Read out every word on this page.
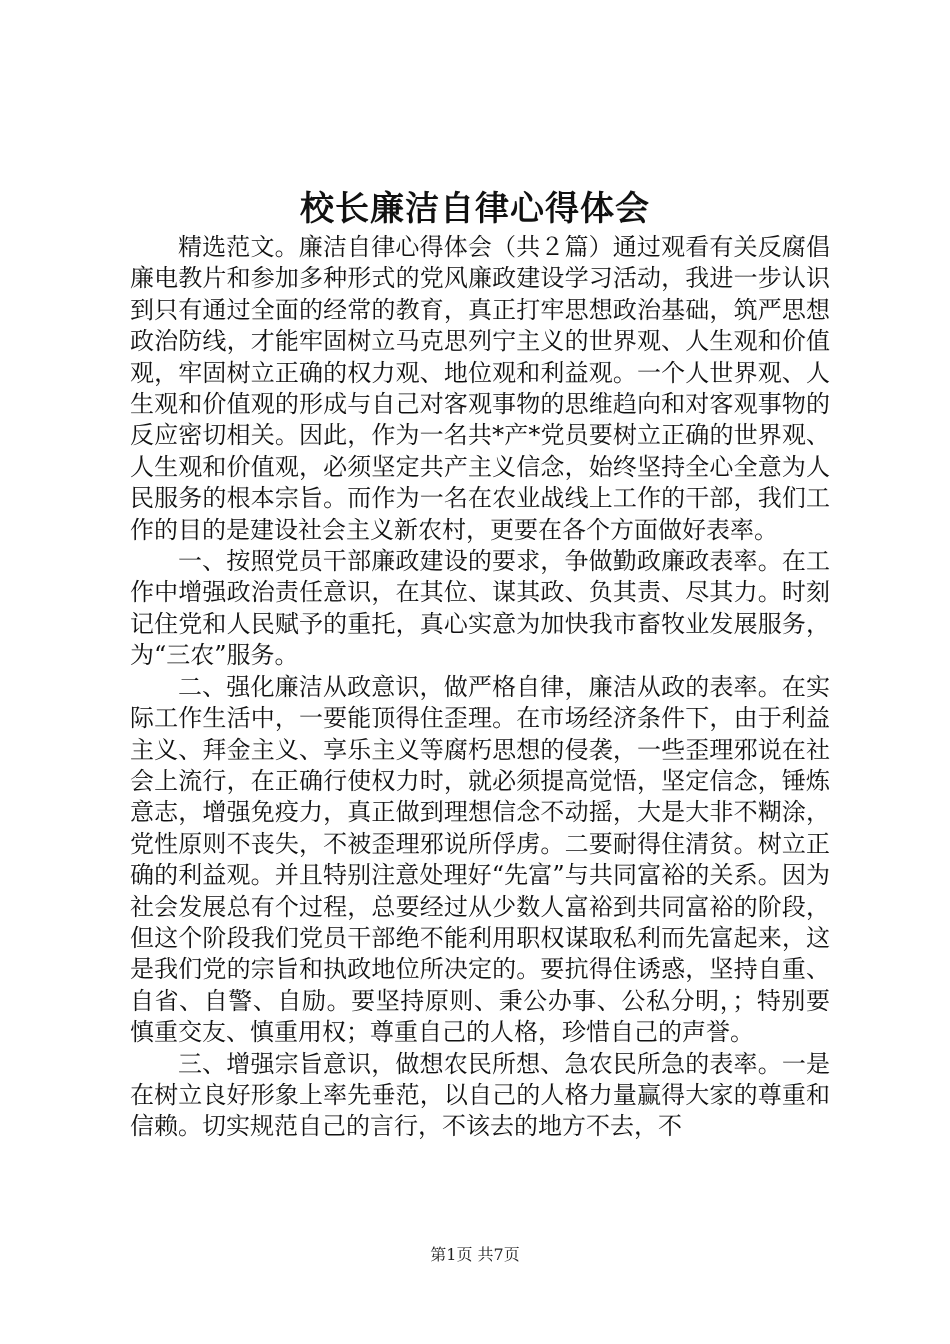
校长廉洁自律心得体会

精选范文。廉洁自律心得体会（共２篇）通过观看有关反腐倡廉电教片和参加多种形式的党风廉政建设学习活动，我进一步认识到只有通过全面的经常的教育，真正打牢思想政治基础，筑严思想政治防线，才能牢固树立马克思列宁主义的世界观、人生观和价值观，牢固树立正确的权力观、地位观和利益观。一个人世界观、人生观和价值观的形成与自己对客观事物的思维趋向和对客观事物的反应密切相关。因此，作为一名共*产*党员要树立正确的世界观、人生观和价值观，必须坚定共产主义信念，始终坚持全心全意为人民服务的根本宗旨。而作为一名在农业战线上工作的干部，我们工作的目的是建设社会主义新农村，更要在各个方面做好表率。

一、按照党员干部廉政建设的要求，争做勤政廉政表率。在工作中增强政治责任意识，在其位、谋其政、负其责、尽其力。时刻记住党和人民赋予的重托，真心实意为加快我市畜牧业发展服务，为“三农”服务。

二、强化廉洁从政意识，做严格自律，廉洁从政的表率。在实际工作生活中，一要能顶得住歪理。在市场经济条件下，由于利益主义、拜金主义、享乐主义等腐朽思想的侵袭，一些歪理邪说在社会上流行，在正确行使权力时，就必须提高觉悟，坚定信念，锤炼意志，增强免疫力，真正做到理想信念不动摇，大是大非不糊涂，党性原则不丧失，不被歪理邪说所俘虏。二要耐得住清贫。树立正确的利益观。并且特别注意处理好“先富”与共同富裕的关系。因为社会发展总有个过程，总要经过从少数人富裕到共同富裕的阶段，但这个阶段我们党员干部绝不能利用职权谋取私利而先富起来，这是我们党的宗旨和执政地位所决定的。要抗得住诱惑，坚持自重、自省、自警、自励。要坚持原则、秉公办事、公私分明，；特别要慎重交友、慎重用权；尊重自己的人格，珍惜自己的声誉。

三、增强宗旨意识，做想农民所想、急农民所急的表率。一是在树立良好形象上率先垂范，以自己的人格力量赢得大家的尊重和信赖。切实规范自己的言行，不该去的地方不去，不

第1页 共7页
